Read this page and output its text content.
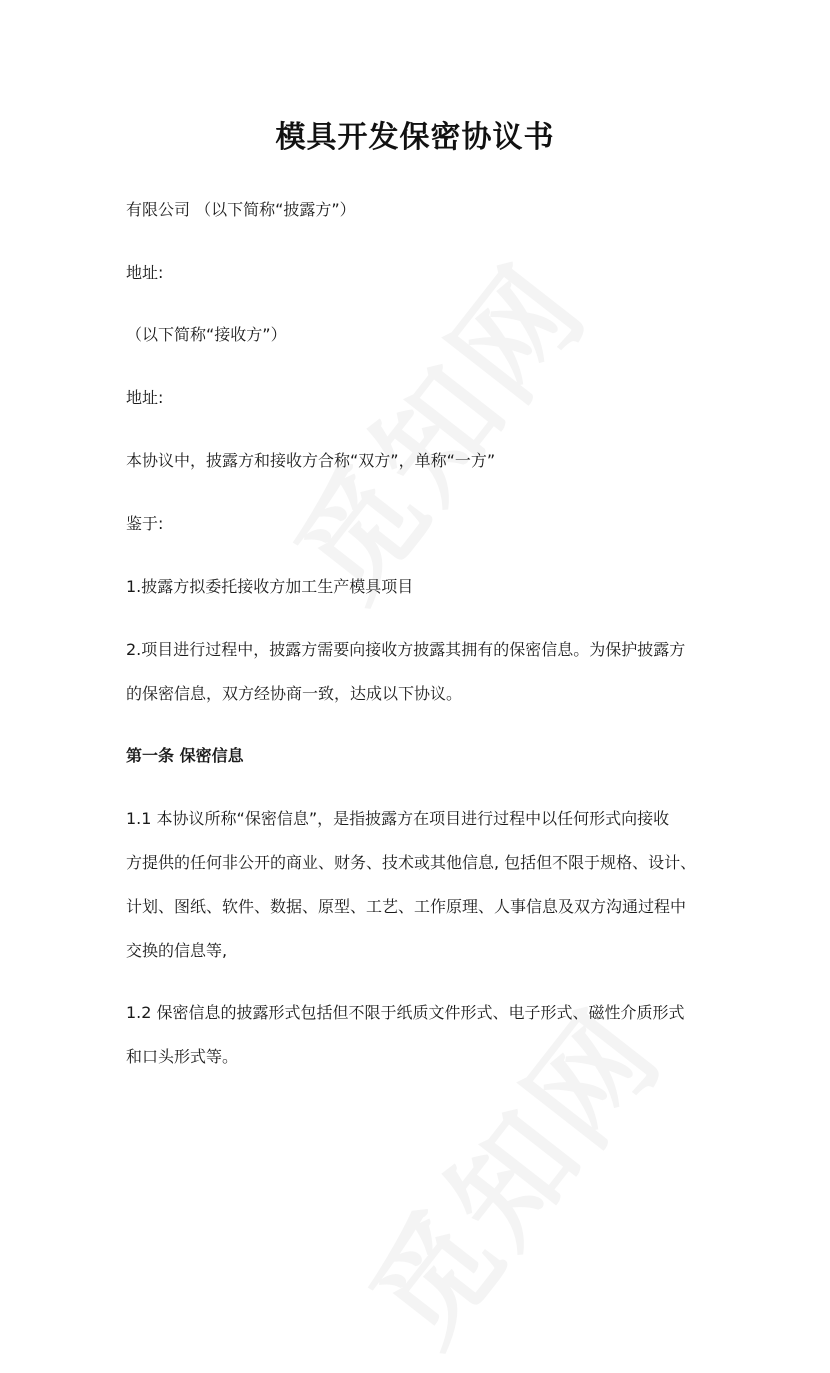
模具开发保密协议书
有限公司 （以下简称“披露方”）
地址:
（以下简称“接收方”）
地址:
本协议中，披露方和接收方合称“双方”，单称“一方”
鉴于:
1.披露方拟委托接收方加工生产模具项目
2.项目进行过程中，披露方需要向接收方披露其拥有的保密信息。为保护披露方
的保密信息，双方经协商一致，达成以下协议。
第一条 保密信息
1.1 本协议所称“保密信息”，是指披露方在项目进行过程中以任何形式向接收
方提供的任何非公开的商业、财务、技术或其他信息, 包括但不限于规格、设计、
计划、图纸、软件、数据、原型、工艺、工作原理、人事信息及双方沟通过程中
交换的信息等,
1.2 保密信息的披露形式包括但不限于纸质文件形式、电子形式、磁性介质形式
和口头形式等。
